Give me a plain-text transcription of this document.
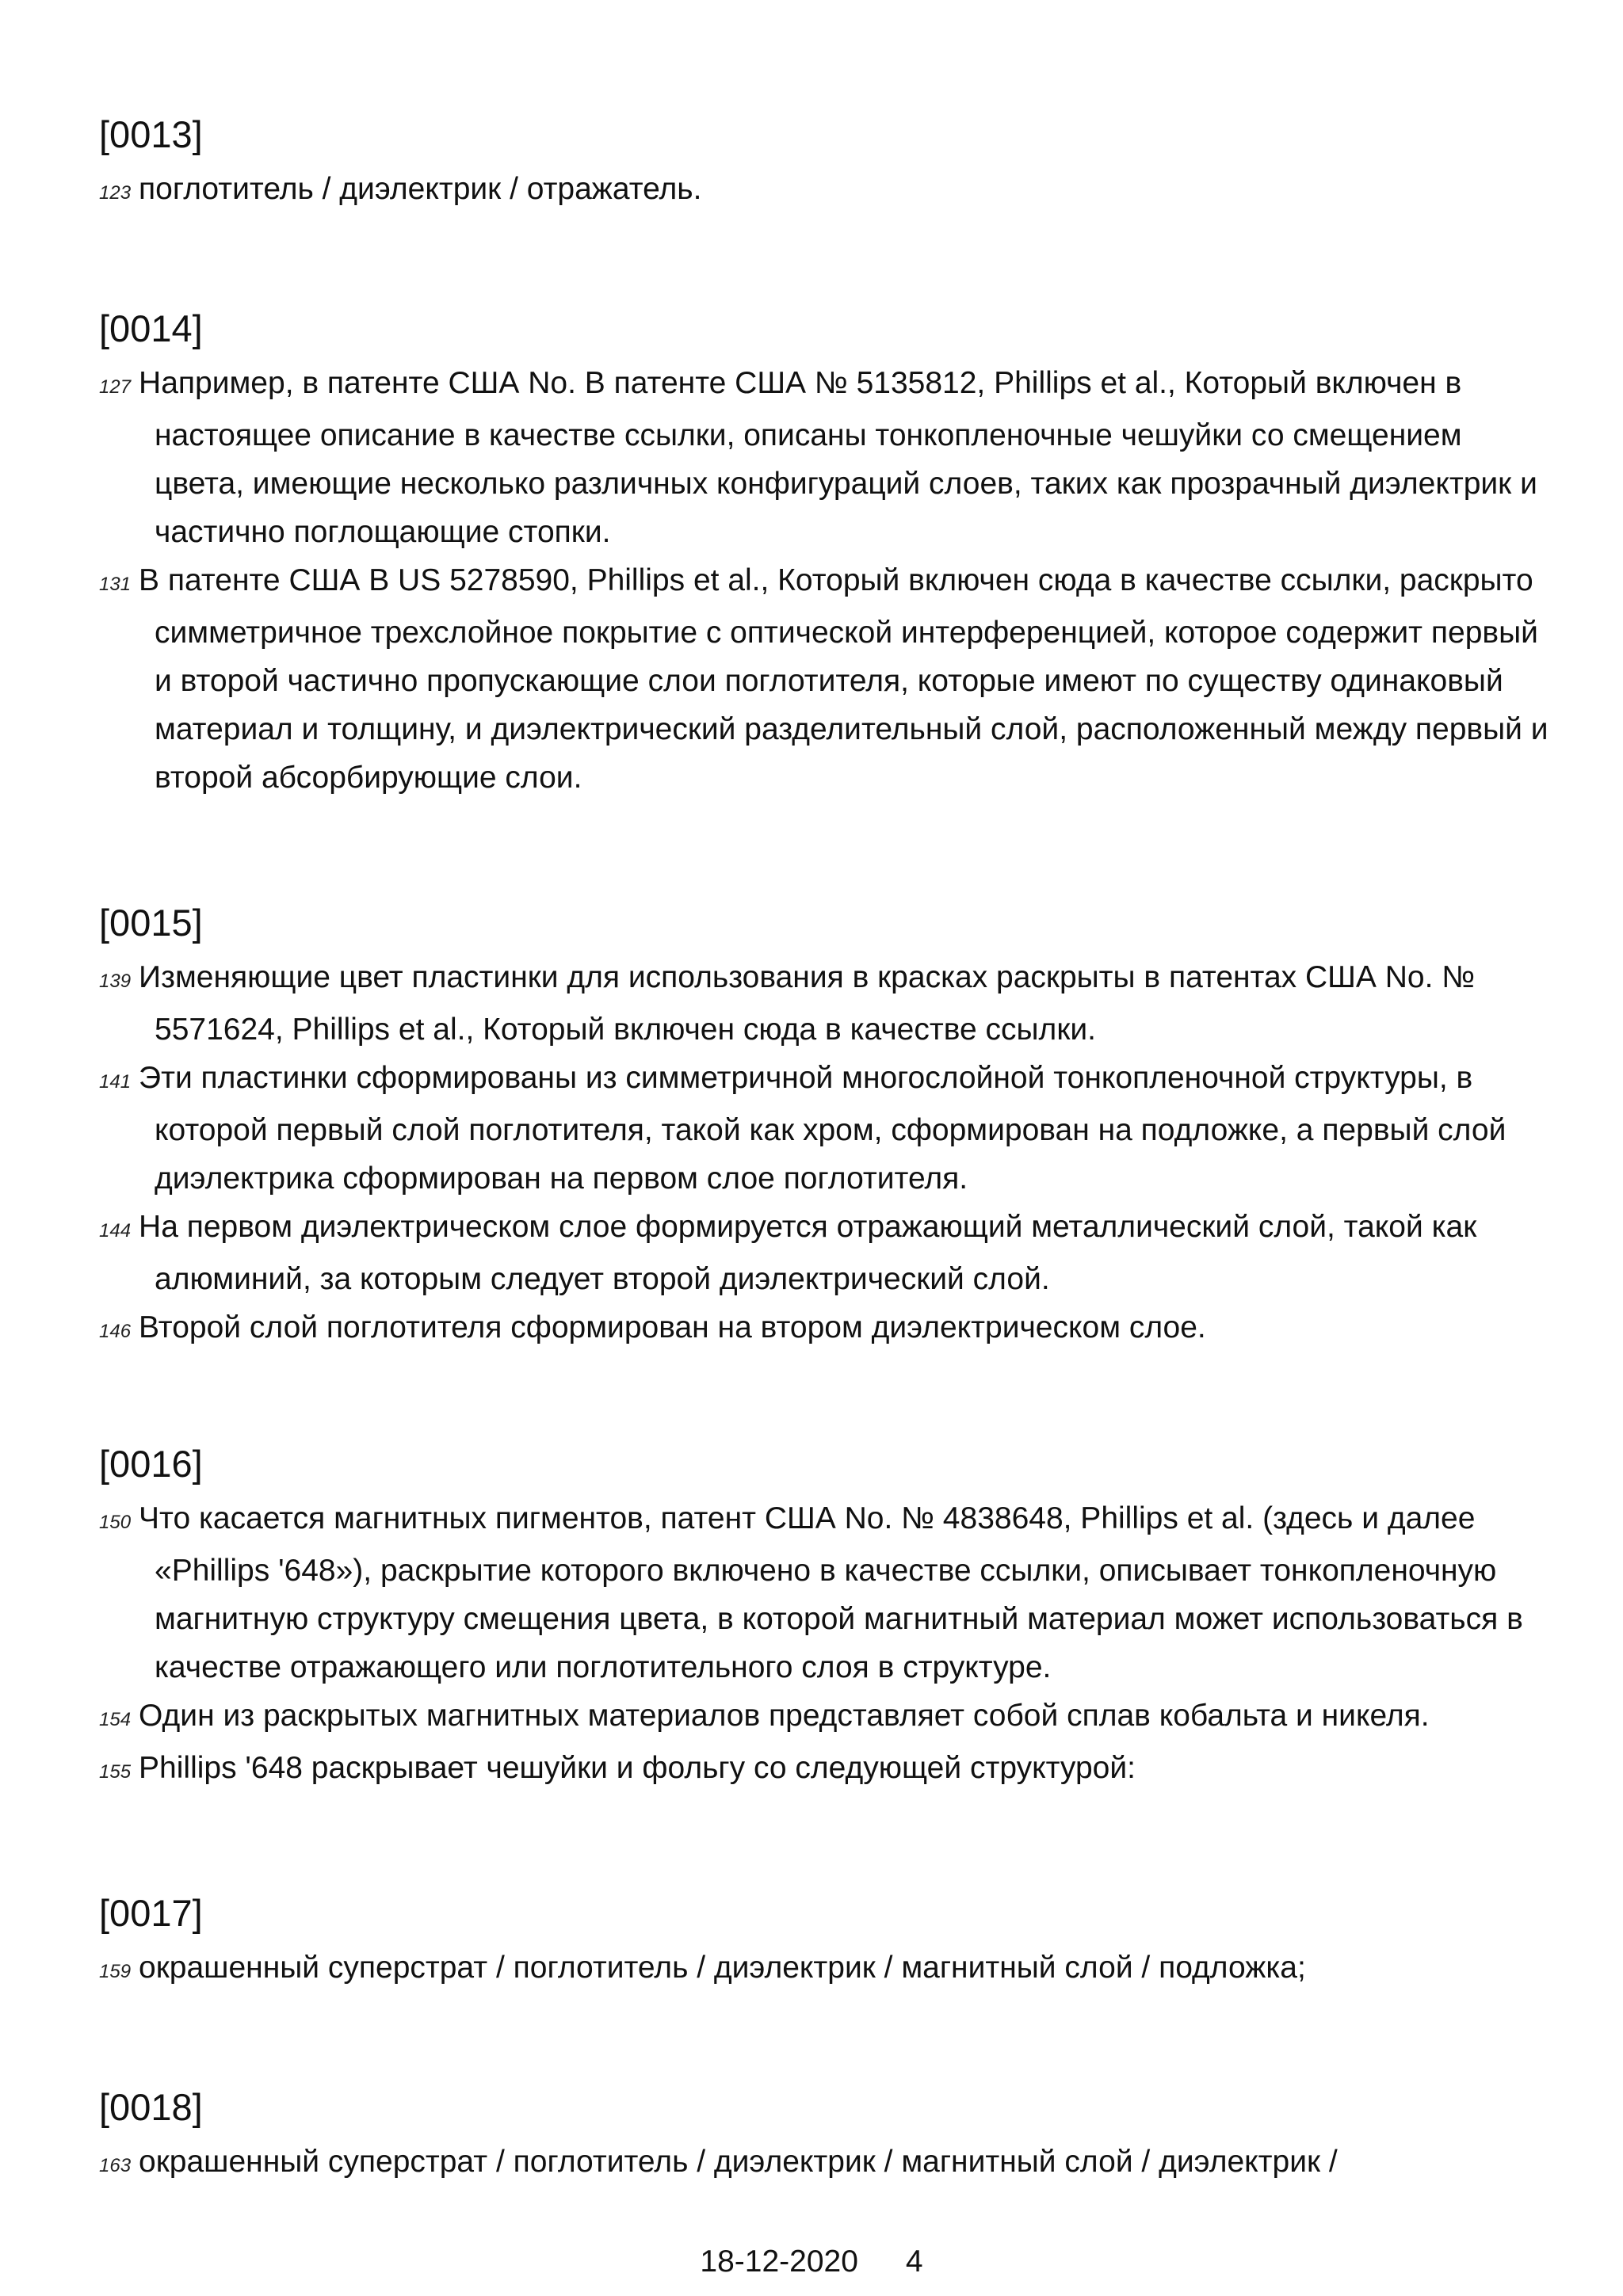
[0013]
123 поглотитель / диэлектрик / отражатель.
[0014]
127 Например, в патенте США No. В патенте США № 5135812, Phillips et al., Который включен в настоящее описание в качестве ссылки, описаны тонкопленочные чешуйки со смещением цвета, имеющие несколько различных конфигураций слоев, таких как прозрачный диэлектрик и частично поглощающие стопки.
131 В патенте США B US 5278590, Phillips et al., Который включен сюда в качестве ссылки, раскрыто симметричное трехслойное покрытие с оптической интерференцией, которое содержит первый и второй частично пропускающие слои поглотителя, которые имеют по существу одинаковый материал и толщину, и диэлектрический разделительный слой, расположенный между первый и второй абсорбирующие слои.
[0015]
139 Изменяющие цвет пластинки для использования в красках раскрыты в патентах США No. № 5571624, Phillips et al., Который включен сюда в качестве ссылки.
141 Эти пластинки сформированы из симметричной многослойной тонкопленочной структуры, в которой первый слой поглотителя, такой как хром, сформирован на подложке, а первый слой диэлектрика сформирован на первом слое поглотителя.
144 На первом диэлектрическом слое формируется отражающий металлический слой, такой как алюминий, за которым следует второй диэлектрический слой.
146 Второй слой поглотителя сформирован на втором диэлектрическом слое.
[0016]
150 Что касается магнитных пигментов, патент США No. № 4838648, Phillips et al. (здесь и далее «Phillips '648»), раскрытие которого включено в качестве ссылки, описывает тонкопленочную магнитную структуру смещения цвета, в которой магнитный материал может использоваться в качестве отражающего или поглотительного слоя в структуре.
154 Один из раскрытых магнитных материалов представляет собой сплав кобальта и никеля.
155 Phillips '648 раскрывает чешуйки и фольгу со следующей структурой:
[0017]
159 окрашенный суперстрат / поглотитель / диэлектрик / магнитный слой / подложка;
[0018]
163 окрашенный суперстрат / поглотитель / диэлектрик / магнитный слой / диэлектрик /
18-12-2020 4
